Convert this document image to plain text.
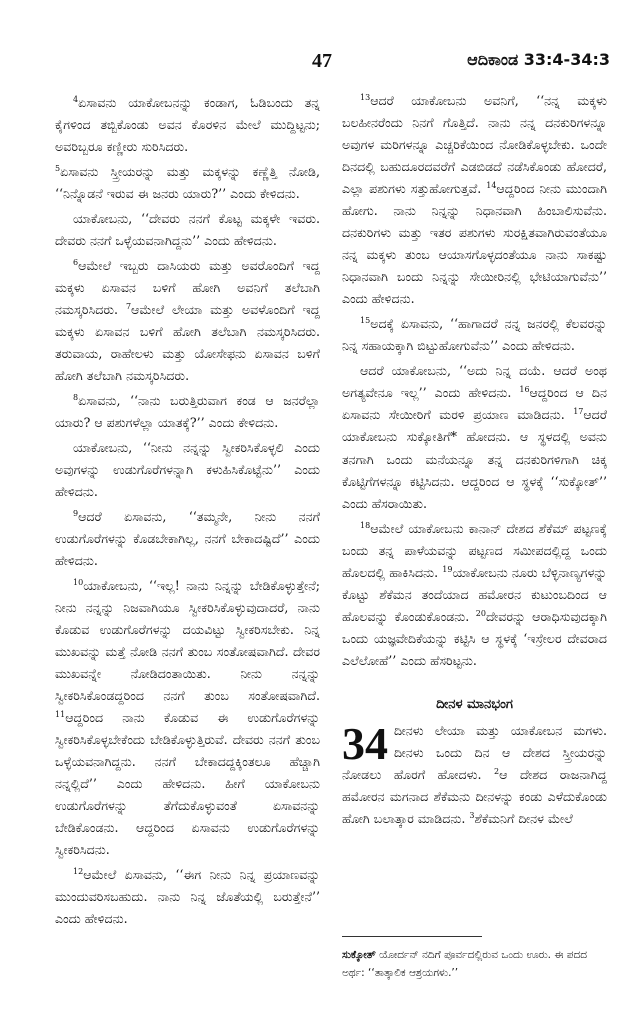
47	ಆದಿಕಾಂಡ 33:4-34:3

$^4$ಏಸಾವನು ಯಾಕೋಬನನ್ನು ಕಂಡಾಗ, ಓಡಿಬಂದು ತನ್ನ ಕೈಗಳಿಂದ ತಬ್ಬಿಕೊಂಡು ಅವನ ಕೊರಳಿನ ಮೇಲೆ ಮುದ್ದಿಟ್ಟನು; ಅವರಿಬ್ಬರೂ ಕಣ್ಣೀರು ಸುರಿಸಿದರು.

$^5$ಏಸಾವನು ಸ್ತ್ರೀಯರನ್ನು ಮತ್ತು ಮಕ್ಕಳನ್ನು ಕಣ್ಣೆತ್ತಿ ನೋಡಿ, ‘‘ನಿನ್ನೊಡನೆ ಇರುವ ಈ ಜನರು ಯಾರು?’’ ಎಂದು ಕೇಳಿದನು.

ಯಾಕೋಬನು, ‘‘ದೇವರು ನನಗೆ ಕೊಟ್ಟ ಮಕ್ಕಳೇ ಇವರು. ದೇವರು ನನಗೆ ಒಳ್ಳೆಯವನಾಗಿದ್ದನು’’ ಎಂದು ಹೇಳಿದನು.

$^6$ಆಮೇಲೆ ಇಬ್ಬರು ದಾಸಿಯರು ಮತ್ತು ಅವರೊಂದಿಗೆ ಇದ್ದ ಮಕ್ಕಳು ಏಸಾವನ ಬಳಿಗೆ ಹೋಗಿ ಅವನಿಗೆ ತಲೆಬಾಗಿ ನಮಸ್ಕರಿಸಿದರು. $^7$ಆಮೇಲೆ ಲೇಯಾ ಮತ್ತು ಅವಳೊಂದಿಗೆ ಇದ್ದ ಮಕ್ಕಳು ಏಸಾವನ ಬಳಿಗೆ ಹೋಗಿ ತಲೆಬಾಗಿ ನಮಸ್ಕರಿಸಿದರು. ತರುವಾಯ, ರಾಹೇಲಳು ಮತ್ತು ಯೋಸೇಫನು ಏಸಾವನ ಬಳಿಗೆ ಹೋಗಿ ತಲೆಬಾಗಿ ನಮಸ್ಕರಿಸಿದರು.

$^8$ಏಸಾವನು, ‘‘ನಾನು ಬರುತ್ತಿರುವಾಗ ಕಂಡ ಆ ಜನರೆಲ್ಲಾ ಯಾರು? ಆ ಪಶುಗಳೆಲ್ಲಾ ಯಾತಕ್ಕೆ?’’ ಎಂದು ಕೇಳಿದನು.

ಯಾಕೋಬನು, ‘‘ನೀನು ನನ್ನನ್ನು ಸ್ವೀಕರಿಸಿಕೊಳ್ಳಲಿ ಎಂದು ಅವುಗಳನ್ನು ಉಡುಗೊರೆಗಳನ್ನಾಗಿ ಕಳುಹಿಸಿಕೊಟ್ಟೆನು’’ ಎಂದು ಹೇಳಿದನು.

$^9$ಆದರೆ ಏಸಾವನು, ‘‘ತಮ್ಮನೇ, ನೀನು ನನಗೆ ಉಡುಗೊರೆಗಳನ್ನು ಕೊಡಬೇಕಾಗಿಲ್ಲ, ನನಗೆ ಬೇಕಾದಷ್ಟಿದೆ’’ ಎಂದು ಹೇಳಿದನು.

$^{10}$ಯಾಕೋಬನು, ‘‘ಇಲ್ಲ! ನಾನು ನಿನ್ನನ್ನು ಬೇಡಿಕೊಳ್ಳುತ್ತೇನೆ; ನೀನು ನನ್ನನ್ನು ನಿಜವಾಗಿಯೂ ಸ್ವೀಕರಿಸಿಕೊಳ್ಳುವುದಾದರೆ, ನಾನು ಕೊಡುವ ಉಡುಗೊರೆಗಳನ್ನು ದಯವಿಟ್ಟು ಸ್ವೀಕರಿಸಬೇಕು. ನಿನ್ನ ಮುಖವನ್ನು ಮತ್ತೆ ನೋಡಿ ನನಗೆ ತುಂಬ ಸಂತೋಷವಾಗಿದೆ. ದೇವರ ಮುಖವನ್ನೇ ನೋಡಿದಂತಾಯಿತು. ನೀನು ನನ್ನನ್ನು ಸ್ವೀಕರಿಸಿಕೊಂಡದ್ದರಿಂದ ನನಗೆ ತುಂಬ ಸಂತೋಷವಾಗಿದೆ. $^{11}$ಆದ್ದರಿಂದ ನಾನು ಕೊಡುವ ಈ ಉಡುಗೊರೆಗಳನ್ನು ಸ್ವೀಕರಿಸಿಕೊಳ್ಳಬೇಕೆಂದು ಬೇಡಿಕೊಳ್ಳುತ್ತಿರುವೆ. ದೇವರು ನನಗೆ ತುಂಬ ಒಳ್ಳೆಯವನಾಗಿದ್ದನು. ನನಗೆ ಬೇಕಾದದ್ದಕ್ಕಿಂತಲೂ ಹೆಚ್ಚಾಗಿ ನನ್ನಲ್ಲಿದೆ’’ ಎಂದು ಹೇಳಿದನು. ಹೀಗೆ ಯಾಕೋಬನು ಉಡುಗೊರೆಗಳನ್ನು ತೆಗೆದುಕೊಳ್ಳುವಂತೆ ಏಸಾವನನ್ನು ಬೇಡಿಕೊಂಡನು. ಆದ್ದರಿಂದ ಏಸಾವನು ಉಡುಗೊರೆಗಳನ್ನು ಸ್ವೀಕರಿಸಿದನು.

$^{12}$ಆಮೇಲೆ ಏಸಾವನು, ‘‘ಈಗ ನೀನು ನಿನ್ನ ಪ್ರಯಾಣವನ್ನು ಮುಂದುವರಿಸಬಹುದು. ನಾನು ನಿನ್ನ ಜೊತೆಯಲ್ಲಿ ಬರುತ್ತೇನೆ’’ ಎಂದು ಹೇಳಿದನು.

$^{13}$ಆದರೆ ಯಾಕೋಬನು ಅವನಿಗೆ, ‘‘ನನ್ನ ಮಕ್ಕಳು ಬಲಹೀನರೆಂದು ನಿನಗೆ ಗೊತ್ತಿದೆ. ನಾನು ನನ್ನ ದನಕುರಿಗಳನ್ನೂ ಅವುಗಳ ಮರಿಗಳನ್ನೂ ಎಚ್ಚರಿಕೆಯಿಂದ ನೋಡಿಕೊಳ್ಳಬೇಕು. ಒಂದೇ ದಿನದಲ್ಲಿ ಬಹುದೂರದವರೆಗೆ ಎಡಬಿಡದೆ ನಡೆಸಿಕೊಂಡು ಹೋದರೆ, ಎಲ್ಲಾ ಪಶುಗಳು ಸತ್ತುಹೋಗುತ್ತವೆ. $^{14}$ಆದ್ದರಿಂದ ನೀನು ಮುಂದಾಗಿ ಹೋಗು. ನಾನು ನಿನ್ನನ್ನು ನಿಧಾನವಾಗಿ ಹಿಂಬಾಲಿಸುವೆನು. ದನಕುರಿಗಳು ಮತ್ತು ಇತರ ಪಶುಗಳು ಸುರಕ್ಷಿತವಾಗಿರುವಂತೆಯೂ ನನ್ನ ಮಕ್ಕಳು ತುಂಬ ಆಯಾಸಗೊಳ್ಳದಂತೆಯೂ ನಾನು ಸಾಕಷ್ಟು ನಿಧಾನವಾಗಿ ಬಂದು ನಿನ್ನನ್ನು ಸೇಯೀರಿನಲ್ಲಿ ಭೇಟಿಯಾಗುವೆನು’’ ಎಂದು ಹೇಳಿದನು.

$^{15}$ಅದಕ್ಕೆ ಏಸಾವನು, ‘‘ಹಾಗಾದರೆ ನನ್ನ ಜನರಲ್ಲಿ ಕೆಲವರನ್ನು ನಿನ್ನ ಸಹಾಯಕ್ಕಾಗಿ ಬಿಟ್ಟುಹೋಗುವೆನು’’ ಎಂದು ಹೇಳಿದನು.

ಆದರೆ ಯಾಕೋಬನು, ‘‘ಅದು ನಿನ್ನ ದಯೆ. ಆದರೆ ಅಂಥ ಅಗತ್ಯವೇನೂ ಇಲ್ಲ’’ ಎಂದು ಹೇಳಿದನು. $^{16}$ಆದ್ದರಿಂದ ಆ ದಿನ ಏಸಾವನು ಸೇಯೀರಿಗೆ ಮರಳಿ ಪ್ರಯಾಣ ಮಾಡಿದನು. $^{17}$ಆದರೆ ಯಾಕೋಬನು ಸುಕ್ಕೋತಿಗೆ* ಹೋದನು. ಆ ಸ್ಥಳದಲ್ಲಿ ಅವನು ತನಗಾಗಿ ಒಂದು ಮನೆಯನ್ನೂ ತನ್ನ ದನಕುರಿಗಳಿಗಾಗಿ ಚಿಕ್ಕ ಕೊಟ್ಟಿಗೆಗಳನ್ನೂ ಕಟ್ಟಿಸಿದನು. ಆದ್ದರಿಂದ ಆ ಸ್ಥಳಕ್ಕೆ ‘‘ಸುಕ್ಕೋತ್’’ ಎಂದು ಹೆಸರಾಯಿತು.

$^{18}$ಆಮೇಲೆ ಯಾಕೋಬನು ಕಾನಾನ್ ದೇಶದ ಶೆಕೆಮ್ ಪಟ್ಟಣಕ್ಕೆ ಬಂದು ತನ್ನ ಪಾಳೆಯವನ್ನು ಪಟ್ಟಣದ ಸಮೀಪದಲ್ಲಿದ್ದ ಒಂದು ಹೊಲದಲ್ಲಿ ಹಾಕಿಸಿದನು. $^{19}$ಯಾಕೋಬನು ನೂರು ಬೆಳ್ಳಿನಾಣ್ಯಗಳನ್ನು ಕೊಟ್ಟು ಶೆಕೆಮನ ತಂದೆಯಾದ ಹಮೋರನ ಕುಟುಂಬದಿಂದ ಆ ಹೊಲವನ್ನು ಕೊಂಡುಕೊಂಡನು. $^{20}$ದೇವರನ್ನು ಆರಾಧಿಸುವುದಕ್ಕಾಗಿ ಒಂದು ಯಜ್ಞವೇದಿಕೆಯನ್ನು ಕಟ್ಟಿಸಿ ಆ ಸ್ಥಳಕ್ಕೆ ‘ಇಸ್ರೇಲರ ದೇವರಾದ ಎಲೆಲೋಹೆ’’ ಎಂದು ಹೆಸರಿಟ್ಟನು.

ದೀನಳ ಮಾನಭಂಗ

34 ದೀನಳು ಲೇಯಾ ಮತ್ತು ಯಾಕೋಬನ ಮಗಳು. ದೀನಳು ಒಂದು ದಿನ ಆ ದೇಶದ ಸ್ತ್ರೀಯರನ್ನು ನೋಡಲು ಹೊರಗೆ ಹೋದಳು. $^2$ಆ ದೇಶದ ರಾಜನಾಗಿದ್ದ ಹಮೋರನ ಮಗನಾದ ಶೆಕೆಮನು ದೀನಳನ್ನು ಕಂಡು ಎಳೆದುಕೊಂಡು ಹೋಗಿ ಬಲಾತ್ಕಾರ ಮಾಡಿದನು. $^3$ಶೆಕೆಮನಿಗೆ ದೀನಳ ಮೇಲೆ

ಸುಕ್ಕೋತ್ ಯೋರ್ದನ್ ನದಿಗೆ ಪೂರ್ವದಲ್ಲಿರುವ ಒಂದು ಊರು. ಈ ಪದದ ಅರ್ಥ: ‘‘ತಾತ್ಕಾಲಿಕ ಆಶ್ರಯಗಳು.’’
